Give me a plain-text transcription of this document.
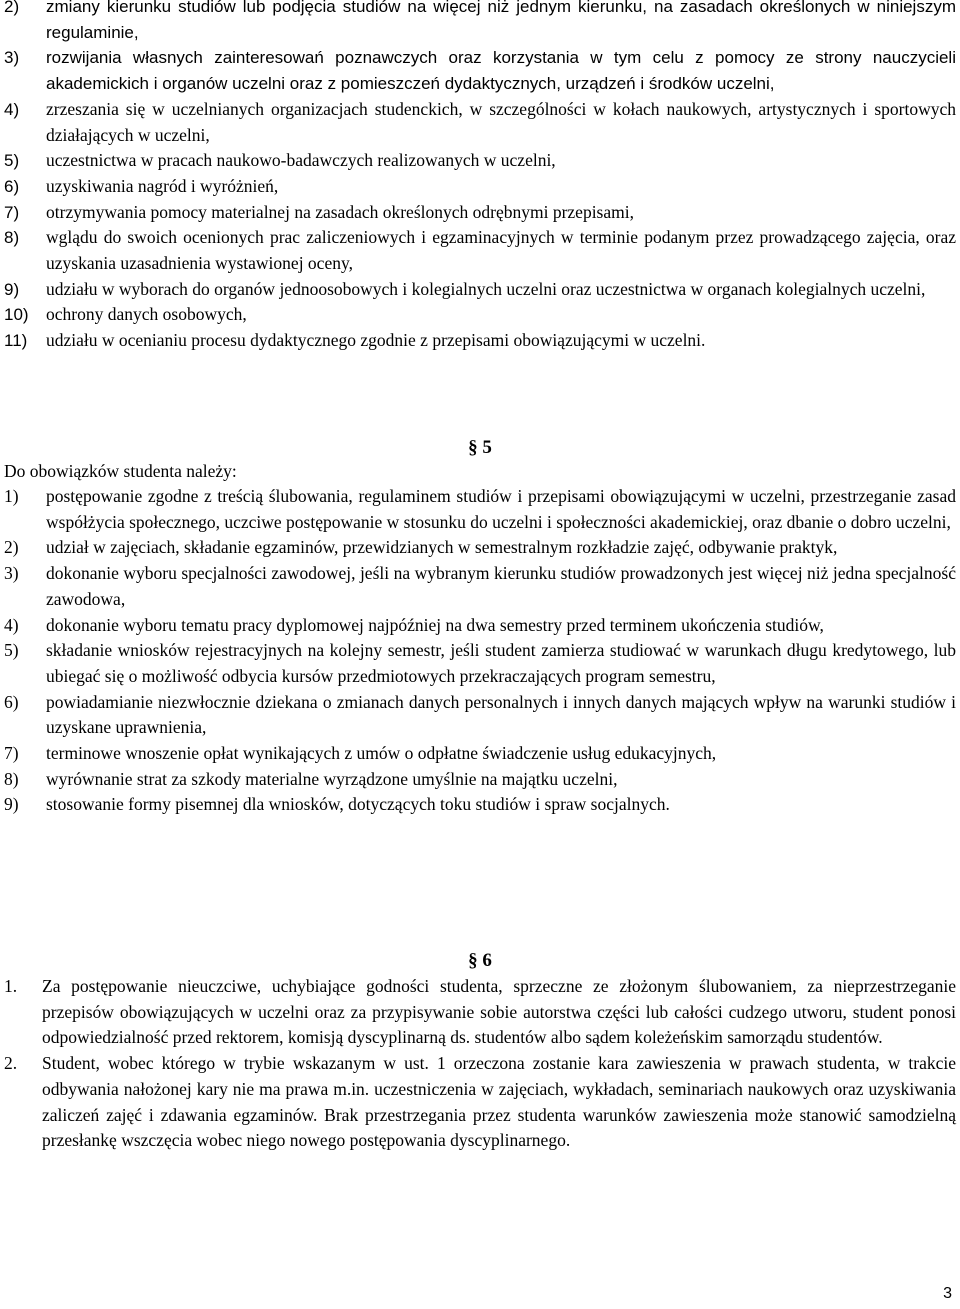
2)	zmiany kierunku studiów lub podjęcia studiów na więcej niż jednym kierunku, na zasadach określonych w niniejszym regulaminie,
3)	rozwijania własnych zainteresowań poznawczych oraz korzystania w tym celu z pomocy ze strony nauczycieli akademickich i organów uczelni oraz z pomieszczeń dydaktycznych, urządzeń i środków uczelni,
4)	zrzeszania się w uczelnianych organizacjach studenckich, w szczególności w kołach naukowych, artystycznych i sportowych działających w uczelni,
5)	uczestnictwa w pracach naukowo-badawczych realizowanych w uczelni,
6)	uzyskiwania nagród i wyróżnień,
7)	otrzymywania pomocy materialnej na zasadach określonych odrębnymi przepisami,
8)	wglądu do swoich ocenionych prac zaliczeniowych i egzaminacyjnych w terminie podanym przez prowadzącego zajęcia, oraz uzyskania uzasadnienia wystawionej oceny,
9)	udziału w wyborach do organów jednoosobowych i kolegialnych uczelni oraz uczestnictwa w organach kolegialnych uczelni,
10) ochrony danych osobowych,
11)	udziału w ocenianiu procesu dydaktycznego zgodnie z przepisami obowiązującymi w uczelni.
§ 5
Do obowiązków studenta należy:
1)	postępowanie zgodne z treścią ślubowania, regulaminem studiów i przepisami obowiązującymi w uczelni, przestrzeganie zasad współżycia społecznego, uczciwe postępowanie w stosunku do uczelni i społeczności akademickiej, oraz dbanie o dobro uczelni,
2)	udział w zajęciach, składanie egzaminów, przewidzianych w semestralnym rozkładzie zajęć, odbywanie praktyk,
3)	dokonanie wyboru specjalności zawodowej, jeśli na wybranym kierunku studiów prowadzonych jest więcej niż jedna specjalność zawodowa,
4)	dokonanie wyboru tematu pracy dyplomowej najpóźniej na dwa semestry przed terminem ukończenia studiów,
5)	składanie wniosków rejestracyjnych na kolejny semestr, jeśli student zamierza studiować w warunkach długu kredytowego, lub ubiegać się o możliwość odbycia kursów przedmiotowych przekraczających program semestru,
6)	powiadamianie niezwłocznie dziekana o zmianach danych personalnych i innych danych mających wpływ na warunki studiów i uzyskane uprawnienia,
7)	terminowe wnoszenie opłat wynikających z umów o odpłatne świadczenie usług edukacyjnych,
8)	wyrównanie strat za szkody materialne wyrządzone umyślnie na majątku uczelni,
9)	stosowanie formy pisemnej dla wniosków, dotyczących toku studiów i spraw socjalnych.
§ 6
1.	Za postępowanie nieuczciwe, uchybiające godności studenta, sprzeczne ze złożonym ślubowaniem, za nieprzestrzeganie przepisów obowiązujących w uczelni oraz za przypisywanie sobie autorstwa części lub całości cudzego utworu, student ponosi odpowiedzialność przed rektorem, komisją dyscyplinarną ds. studentów albo sądem koleżeńskim samorządu studentów.
2.	Student, wobec którego w trybie wskazanym w ust. 1 orzeczona zostanie kara zawieszenia w prawach studenta, w trakcie odbywania nałożonej kary nie ma prawa m.in. uczestniczenia w zajęciach, wykładach, seminariach naukowych oraz uzyskiwania zaliczeń zajęć i zdawania egzaminów. Brak przestrzegania przez studenta warunków zawieszenia może stanowić samodzielną przesłankę wszczęcia wobec niego nowego postępowania dyscyplinarnego.
3
